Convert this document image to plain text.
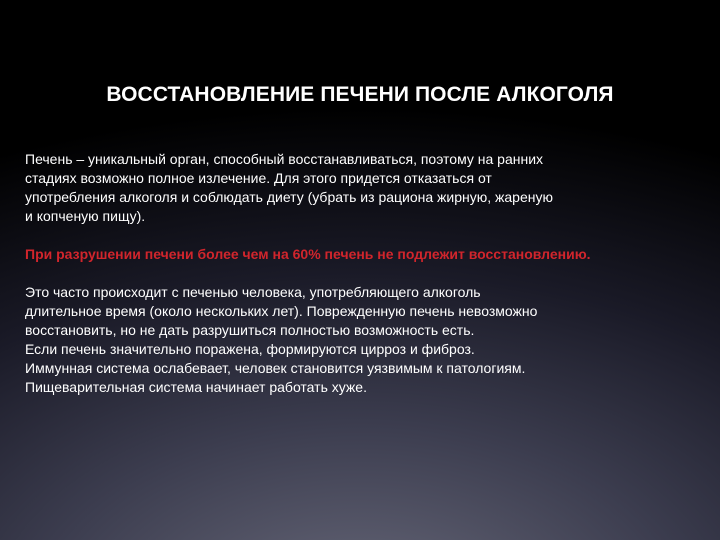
ВОССТАНОВЛЕНИЕ ПЕЧЕНИ ПОСЛЕ АЛКОГОЛЯ
Печень – уникальный орган, способный восстанавливаться, поэтому на ранних
стадиях возможно полное излечение. Для этого придется отказаться от
употребления алкоголя и соблюдать диету (убрать из рациона жирную, жареную
и копченую пищу).
При разрушении печени более чем на 60% печень не подлежит восстановлению.
Это часто происходит с печенью человека, употребляющего алкоголь
длительное время (около нескольких лет). Поврежденную печень невозможно
восстановить, но не дать разрушиться полностью возможность есть.
Если печень значительно поражена, формируются цирроз и фиброз.
Иммунная система ослабевает, человек становится уязвимым к патологиям.
Пищеварительная система начинает работать хуже.
